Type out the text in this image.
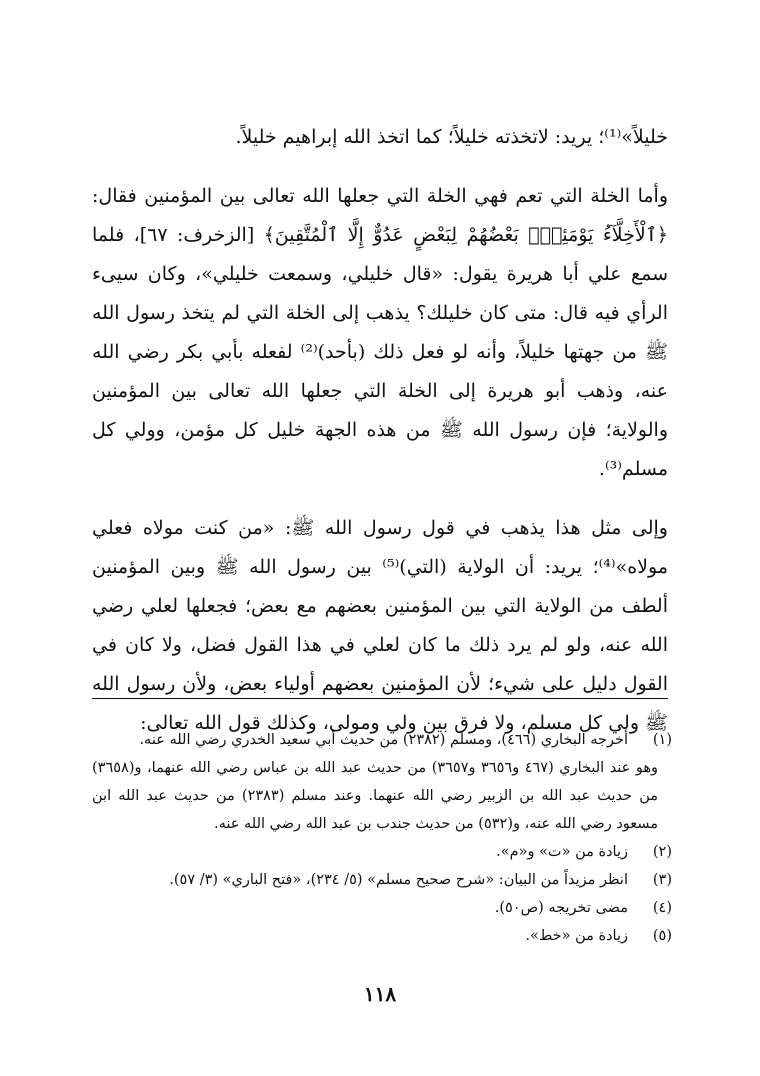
خليلاً»⁽¹⁾؛ يريد: لاتخذته خليلاً؛ كما اتخذ الله إبراهيم خليلاً.

وأما الخلة التي تعم فهي الخلة التي جعلها الله تعالى بين المؤمنين فقال: ﴿ٱلْأَخِلَّآءُ يَوْمَئِذٍۭ بَعْضُهُمْ لِبَعْضٍ عَدُوٌّ إِلَّا ٱلْمُتَّقِينَ﴾ [الزخرف: ٦٧]، فلما سمع علي أبا هريرة يقول: «قال خليلي، وسمعت خليلي»، وكان سيىء الرأي فيه قال: متى كان خليلك؟ يذهب إلى الخلة التي لم يتخذ رسول الله ﷺ من جهتها خليلاً، وأنه لو فعل ذلك (بأحد)⁽²⁾ لفعله بأبي بكر رضي الله عنه، وذهب أبو هريرة إلى الخلة التي جعلها الله تعالى بين المؤمنين والولاية؛ فإن رسول الله ﷺ من هذه الجهة خليل كل مؤمن، وولي كل مسلم⁽³⁾.

وإلى مثل هذا يذهب في قول رسول الله ﷺ: «من كنت مولاه فعلي مولاه»⁽⁴⁾؛ يريد: أن الولاية (التي)⁽⁵⁾ بين رسول الله ﷺ وبين المؤمنين ألطف من الولاية التي بين المؤمنين بعضهم مع بعض؛ فجعلها لعلي رضي الله عنه، ولو لم يرد ذلك ما كان لعلي في هذا القول فضل، ولا كان في القول دليل على شيء؛ لأن المؤمنين بعضهم أولياء بعض، ولأن رسول الله ﷺ ولي كل مسلم، ولا فرق بين ولي ومولى، وكذلك قول الله تعالى:

(١)
أخرجه البخاري (٤٦٦)، ومسلم (٢٣٨٢) من حديث أبي سعيد الخدري رضي الله عنه.

وهو عند البخاري (٤٦٧ و٣٦٥٦ و٣٦٥٧) من حديث عبد الله بن عباس رضي الله عنهما، و(٣٦٥٨) من حديث عبد الله بن الزبير رضي الله عنهما. وعند مسلم (٢٣٨٣) من حديث عبد الله ابن مسعود رضي الله عنه، و(٥٣٢) من حديث جندب بن عبد الله رضي الله عنه.

(٢)
زيادة من «ت» و«م».

(٣)
انظر مزيداً من البيان: «شرح صحيح مسلم» (٥/ ٢٣٤)، «فتح الباري» (٣/ ٥٧).

(٤)
مضى تخريجه (ص٥٠).

(٥)
زيادة من «خط».

١١٨
